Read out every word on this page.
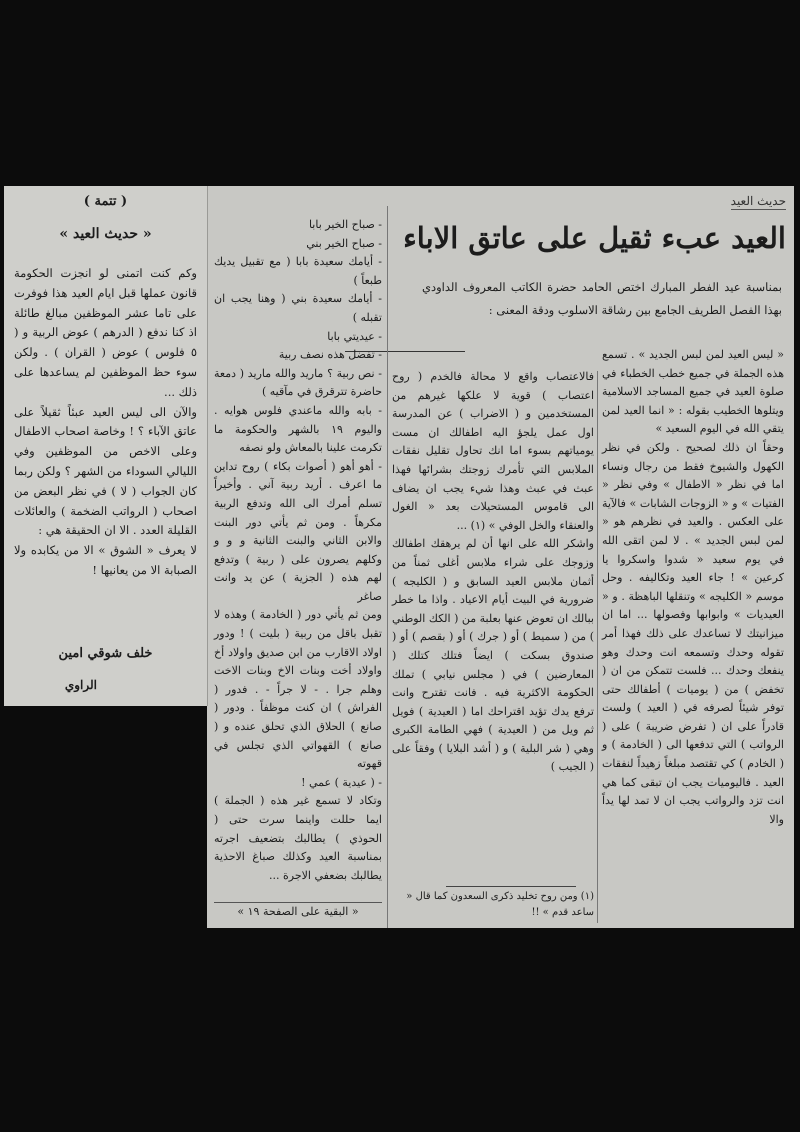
حديث العيد
العيد عبء ثقيل على عاتق الاباء
بمناسبة عيد الفطر المبارك اختص الحامد حضرة الكاتب المعروف الداودي بهذا الفصل الطريف الجامع بين رشاقة الاسلوب ودقة المعنى :

« ليس العيد لمن لبس الجديد » . تسمع هذه الجملة في جميع خطب الخطباء في صلوة العيد في جميع المساجد الاسلامية ويتلوها الخطيب بقوله : « انما العيد لمن يتقي الله في اليوم السعيد »

وحقاً ان ذلك لصحيح . ولكن في نظر الكهول والشيوخ فقط من رجال ونساء اما في نظر « الاطفال » وفي نظر « الفتيات » و « الزوجات الشابات » فالآية على العكس . والعيد في نظرهم هو « لمن لبس الجديد » . لا لمن اتقى الله في يوم سعيد « شدوا واسكروا يا كرعين » ! جاء العيد وتكاليفه . وحل موسم « الكليجه » وتنقلها الباهظة . و « العيديات » وابوابها وفصولها ... اما ان ميزانيتك لا تساعدك على ذلك فهذا أمر تقوله وحدك وتسمعه انت وحدك وهو ينفعك وحدك ... فلست تتمكن من ان ( تخفض ) من ( يوميات ) أطفالك حتى توفر شيئاً لصرفه في ( العيد ) ولست قادراً على ان ( تفرض ضريبة ) على ( الرواتب ) التي تدفعها الى ( الخادمة ) و ( الخادم ) كي تقتصد مبلغاً زهيداً لنفقات العيد . فاليوميات يجب ان تبقى كما هي انت تزد والرواتب يجب ان لا تمد لها يداً والا

فالاعتصاب واقع لا محالة فالخدم ( روح اعتصاب ) قوية لا علكها غيرهم من المستخدمين و ( الاضراب ) عن المدرسة اول عمل يلجؤ اليه اطفالك ان مست يومياتهم بسوء اما انك تحاول تقليل نفقات الملابس التي تأمرك زوجتك بشرائها فهذا عبث في عبث وهذا شيء يجب ان يضاف الى قاموس المستحيلات بعد « الغول والعنقاء والخل الوفي » (١) ...

واشكر الله على انها أن لم يرهقك اطفالك وزوجك على شراء ملابس أغلى ثمناً من أثمان ملابس العيد السابق و ( الكليجه ) ضرورية في البيت أيام الاعياد . واذا ما خطر ببالك ان تعوض عنها بعلبة من ( الكك الوطني ) من ( سميط ) أو ( جرك ) أو ( بقصم ) أو ( صندوق بسكت ) ايضاً فتلك كتلك ( المعارضين ) في ( مجلس نيابي ) تملك الحكومة الاكثرية فيه . فانت تقترح وانت ترفع يدك تؤيد اقتراحك اما ( العيدية ) فويل ثم ويل من ( العيدية ) فهي الطامة الكبرى وهي ( شر البلية ) و ( أشد البلايا ) وفقاً على ( الجيب )

(١) ومن روح تخليد ذكرى السعدون كما قال « ساعد قدم » !!

- صباح الخير بابا

- صباح الخير بني

- أيامك سعيدة بابا ( مع تقبيل يديك طبعاً )

- أيامك سعيدة بني ( وهنا يجب ان تقبله )

- عيديتي بابا

- تفضل هذه نصف ربية

- نص ربية ؟ ماريد والله ماريد ( دمعة حاضرة تترقرق في مآقيه )

- بابه والله ماعندي فلوس هوايه . واليوم ١٩ بالشهر والحكومة ما تكرمت علينا بالمعاش ولو نصفه

- أهو أهو ( أصوات بكاء ) روح تداين ما اعرف . أريد ربية آني . وأخيراً تسلم أمرك الى الله وتدفع الربية مكرهاً . ومن ثم يأتي دور البنت والابن الثاني والبنت الثانية و و و وكلهم يصرون على ( ربية ) وتدفع لهم هذه ( الجزية ) عن يد وانت صاغر

ومن ثم يأتي دور ( الخادمة ) وهذه لا تقبل باقل من ربية ( بليت ) ! ودور اولاد الاقارب من ابن صديق واولاد أخ واولاد أخت وبنات الاخ وبنات الاخت وهلم جرا . - لا جراً - . فدور ( الفراش ) ان كنت موظفاً . ودور ( صانع ) الحلاق الذي تحلق عنده و ( صانع ) القهواتي الذي تجلس في قهوته

- ( عيدية ) عمي !

وتكاد لا تسمع غير هذه ( الجملة ) ايما حللت واينما سرت حتى ( الحوذي ) يطالبك بتضعيف اجرته بمناسبة العيد وكذلك صباغ الاحذية يطالبك بضعفي الاجرة ...

« البقية على الصفحة ١٩ »
( تتمة )
« حديث العيد »

وكم كنت اتمنى لو انجزت الحكومة قانون عملها قبل ايام العيد هذا فوفرت على تاما عشر الموظفين مبالغ طائلة اذ كنا ندفع ( الدرهم ) عوض الربية و ( ٥ فلوس ) عوض ( القران ) . ولكن سوء حظ الموظفين لم يساعدها على ذلك ...

والآن الى ليس العيد عبئاً ثقيلاً على عاتق الآباء ؟ ! وخاصة اصحاب الاطفال وعلى الاخص من الموظفين وفي الليالي السوداء من الشهر ؟ ولكن ربما كان الجواب ( لا ) في نظر البعض من اصحاب ( الرواتب الضخمة ) والعائلات القليلة العدد . الا ان الحقيقة هي :

لا يعرف « الشوق » الا من يكابده ولا الصبابة الا من يعانيها !

خلف شوقي امين
الراوي
